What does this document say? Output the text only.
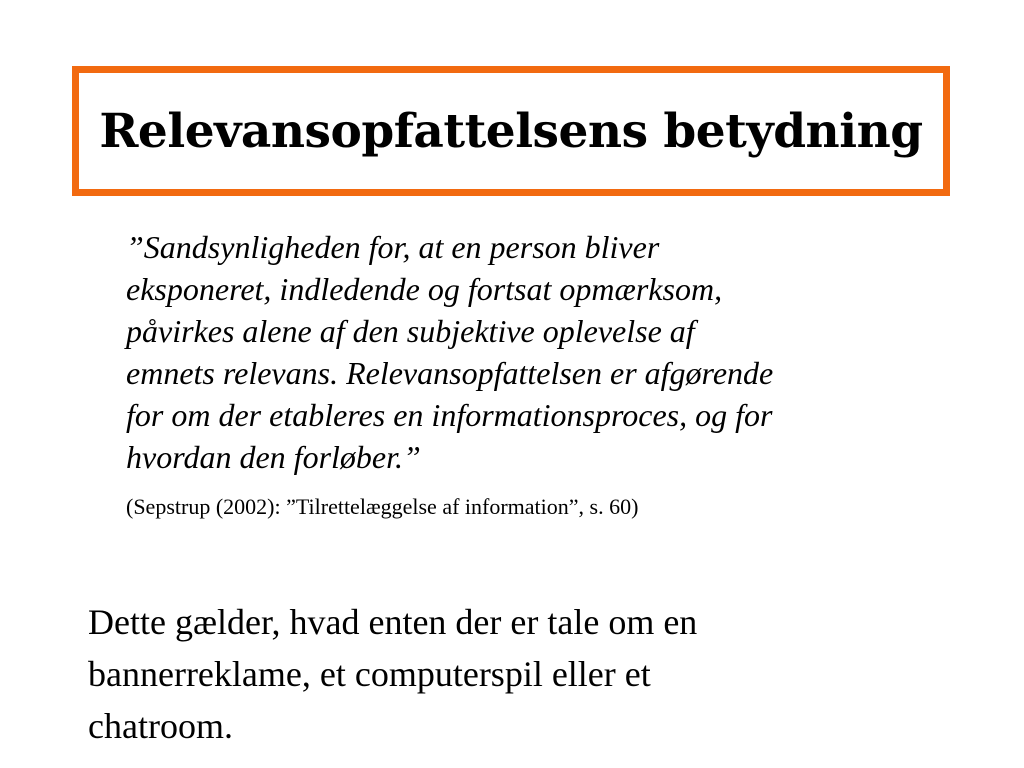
Relevansopfattelsens betydning

”Sandsynligheden for, at en person bliver
eksponeret, indledende og fortsat opmærksom,
påvirkes alene af den subjektive oplevelse af
emnets relevans. Relevansopfattelsen er afgørende
for om der etableres en informationsproces, og for
hvordan den forløber.”

(Sepstrup (2002): ”Tilrettelæggelse af information”, s. 60)
Dette gælder, hvad enten der er tale om en
bannerreklame, et computerspil eller et
chatroom.
